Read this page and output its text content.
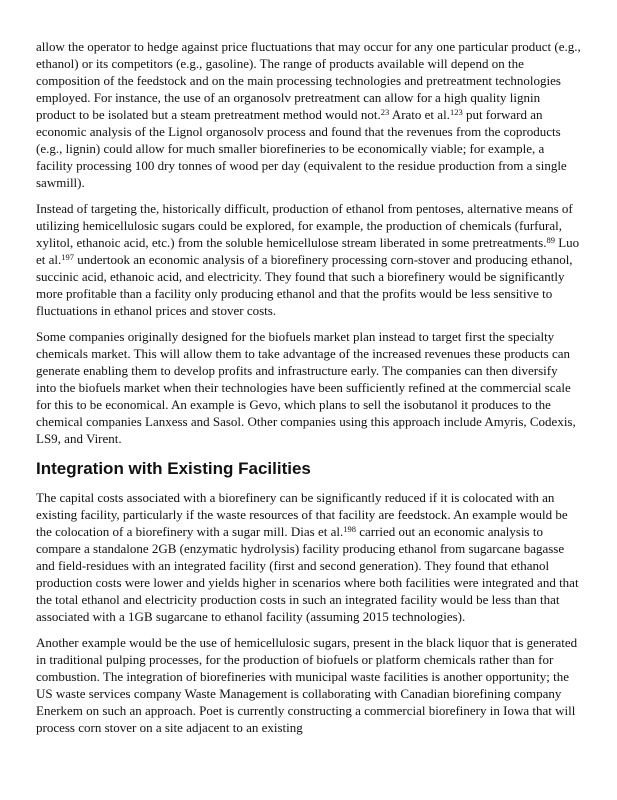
allow the operator to hedge against price fluctuations that may occur for any one particular product (e.g., ethanol) or its competitors (e.g., gasoline). The range of products available will depend on the composition of the feedstock and on the main processing technologies and pretreatment technologies employed. For instance, the use of an organosolv pretreatment can allow for a high quality lignin product to be isolated but a steam pretreatment method would not.$^{23}$ Arato et al.$^{123}$ put forward an economic analysis of the Lignol organosolv process and found that the revenues from the coproducts (e.g., lignin) could allow for much smaller biorefineries to be economically viable; for example, a facility processing 100 dry tonnes of wood per day (equivalent to the residue production from a single sawmill).

Instead of targeting the, historically difficult, production of ethanol from pentoses, alternative means of utilizing hemicellulosic sugars could be explored, for example, the production of chemicals (furfural, xylitol, ethanoic acid, etc.) from the soluble hemicellulose stream liberated in some pretreatments.$^{89}$ Luo et al.$^{197}$ undertook an economic analysis of a biorefinery processing corn-stover and producing ethanol, succinic acid, ethanoic acid, and electricity. They found that such a biorefinery would be significantly more profitable than a facility only producing ethanol and that the profits would be less sensitive to fluctuations in ethanol prices and stover costs.

Some companies originally designed for the biofuels market plan instead to target first the specialty chemicals market. This will allow them to take advantage of the increased revenues these products can generate enabling them to develop profits and infrastructure early. The companies can then diversify into the biofuels market when their technologies have been sufficiently refined at the commercial scale for this to be economical. An example is Gevo, which plans to sell the isobutanol it produces to the chemical companies Lanxess and Sasol. Other companies using this approach include Amyris, Codexis, LS9, and Virent.

Integration with Existing Facilities

The capital costs associated with a biorefinery can be significantly reduced if it is colocated with an existing facility, particularly if the waste resources of that facility are feedstock. An example would be the colocation of a biorefinery with a sugar mill. Dias et al.$^{198}$ carried out an economic analysis to compare a standalone 2GB (enzymatic hydrolysis) facility producing ethanol from sugarcane bagasse and field-residues with an integrated facility (first and second generation). They found that ethanol production costs were lower and yields higher in scenarios where both facilities were integrated and that the total ethanol and electricity production costs in such an integrated facility would be less than that associated with a 1GB sugarcane to ethanol facility (assuming 2015 technologies).

Another example would be the use of hemicellulosic sugars, present in the black liquor that is generated in traditional pulping processes, for the production of biofuels or platform chemicals rather than for combustion. The integration of biorefineries with municipal waste facilities is another opportunity; the US waste services company Waste Management is collaborating with Canadian biorefining company Enerkem on such an approach. Poet is currently constructing a commercial biorefinery in Iowa that will process corn stover on a site adjacent to an existing
